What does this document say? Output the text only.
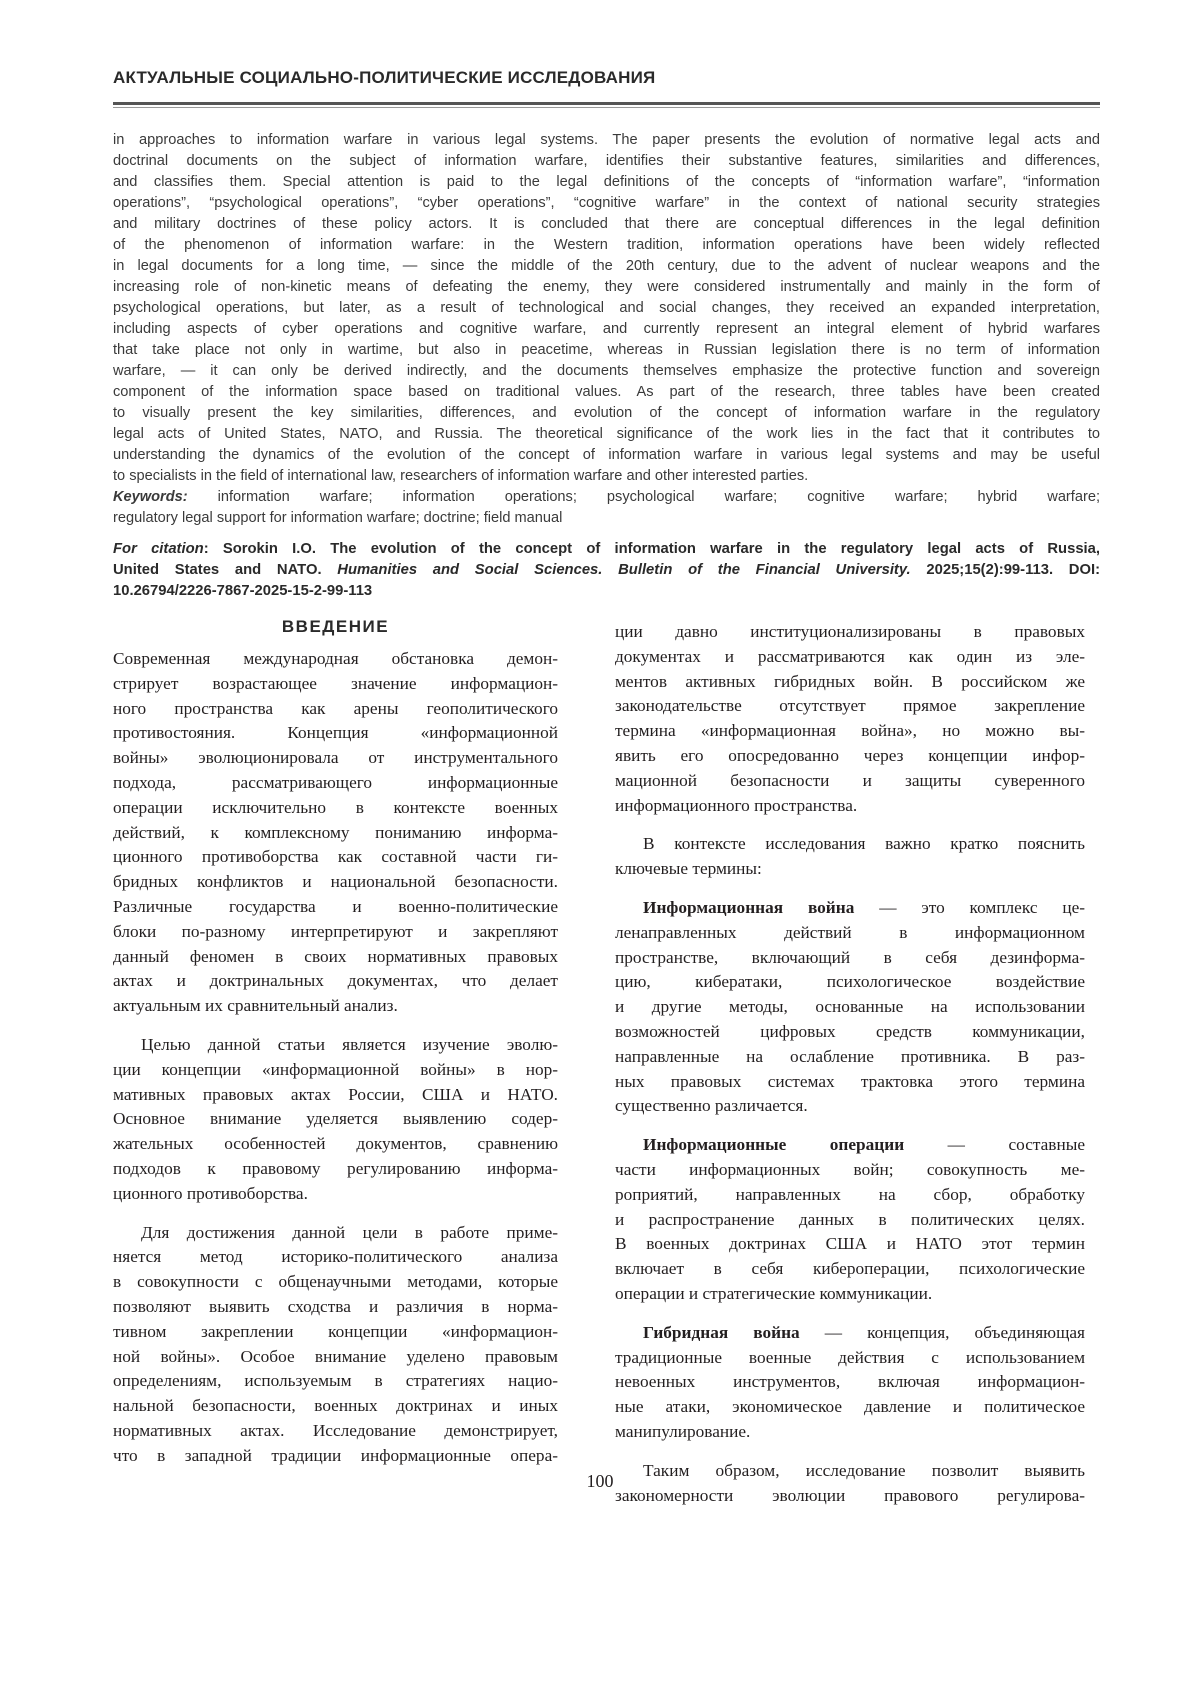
АКТУАЛЬНЫЕ СОЦИАЛЬНО-ПОЛИТИЧЕСКИЕ ИССЛЕДОВАНИЯ
in approaches to information warfare in various legal systems. The paper presents the evolution of normative legal acts and
doctrinal documents on the subject of information warfare, identifies their substantive features, similarities and differences,
and classifies them. Special attention is paid to the legal definitions of the concepts of “information warfare”, “information
operations”, “psychological operations”, “cyber operations”, “cognitive warfare” in the context of national security strategies
and military doctrines of these policy actors. It is concluded that there are conceptual differences in the legal definition
of the phenomenon of information warfare: in the Western tradition, information operations have been widely reflected
in legal documents for a long time, — since the middle of the 20th century, due to the advent of nuclear weapons and the
increasing role of non-kinetic means of defeating the enemy, they were considered instrumentally and mainly in the form of
psychological operations, but later, as a result of technological and social changes, they received an expanded interpretation,
including aspects of cyber operations and cognitive warfare, and currently represent an integral element of hybrid warfares
that take place not only in wartime, but also in peacetime, whereas in Russian legislation there is no term of information
warfare, — it can only be derived indirectly, and the documents themselves emphasize the protective function and sovereign
component of the information space based on traditional values. As part of the research, three tables have been created
to visually present the key similarities, differences, and evolution of the concept of information warfare in the regulatory
legal acts of United States, NATO, and Russia. The theoretical significance of the work lies in the fact that it contributes to
understanding the dynamics of the evolution of the concept of information warfare in various legal systems and may be useful
to specialists in the field of international law, researchers of information warfare and other interested parties.
Keywords: information warfare; information operations; psychological warfare; cognitive warfare; hybrid warfare;
regulatory legal support for information warfare; doctrine; field manual
For citation: Sorokin I.O. The evolution of the concept of information warfare in the regulatory legal acts of Russia,
United States and NATO. Humanities and Social Sciences. Bulletin of the Financial University. 2025;15(2):99-113. DOI:
10.26794/2226-7867-2025-15-2-99-113
ВВЕДЕНИЕ
Современная международная обстановка демон-
стрирует возрастающее значение информацион-
ного пространства как арены геополитического
противостояния. Концепция «информационной
войны» эволюционировала от инструментального
подхода, рассматривающего информационные
операции исключительно в контексте военных
действий, к комплексному пониманию информа-
ционного противоборства как составной части ги-
бридных конфликтов и национальной безопасности.
Различные государства и военно-политические
блоки по-разному интерпретируют и закрепляют
данный феномен в своих нормативных правовых
актах и доктринальных документах, что делает
актуальным их сравнительный анализ.
Целью данной статьи является изучение эволю-
ции концепции «информационной войны» в нор-
мативных правовых актах России, США и НАТО.
Основное внимание уделяется выявлению содер-
жательных особенностей документов, сравнению
подходов к правовому регулированию информа-
ционного противоборства.
Для достижения данной цели в работе приме-
няется метод историко-политического анализа
в совокупности с общенаучными методами, которые
позволяют выявить сходства и различия в норма-
тивном закреплении концепции «информацион-
ной войны». Особое внимание уделено правовым
определениям, используемым в стратегиях нацио-
нальной безопасности, военных доктринах и иных
нормативных актах. Исследование демонстрирует,
что в западной традиции информационные опера-
ции давно институционализированы в правовых
документах и рассматриваются как один из эле-
ментов активных гибридных войн. В российском же
законодательстве отсутствует прямое закрепление
термина «информационная война», но можно вы-
явить его опосредованно через концепции инфор-
мационной безопасности и защиты суверенного
информационного пространства.
В контексте исследования важно кратко пояснить
ключевые термины:
Информационная война — это комплекс це-
ленаправленных действий в информационном
пространстве, включающий в себя дезинформа-
цию, кибератаки, психологическое воздействие
и другие методы, основанные на использовании
возможностей цифровых средств коммуникации,
направленные на ослабление противника. В раз-
ных правовых системах трактовка этого термина
существенно различается.
Информационные операции — составные
части информационных войн; совокупность ме-
роприятий, направленных на сбор, обработку
и распространение данных в политических целях.
В военных доктринах США и НАТО этот термин
включает в себя кибероперации, психологические
операции и стратегические коммуникации.
Гибридная война — концепция, объединяющая
традиционные военные действия с использованием
невоенных инструментов, включая информацион-
ные атаки, экономическое давление и политическое
манипулирование.
Таким образом, исследование позволит выявить
закономерности эволюции правового регулирова-
100
